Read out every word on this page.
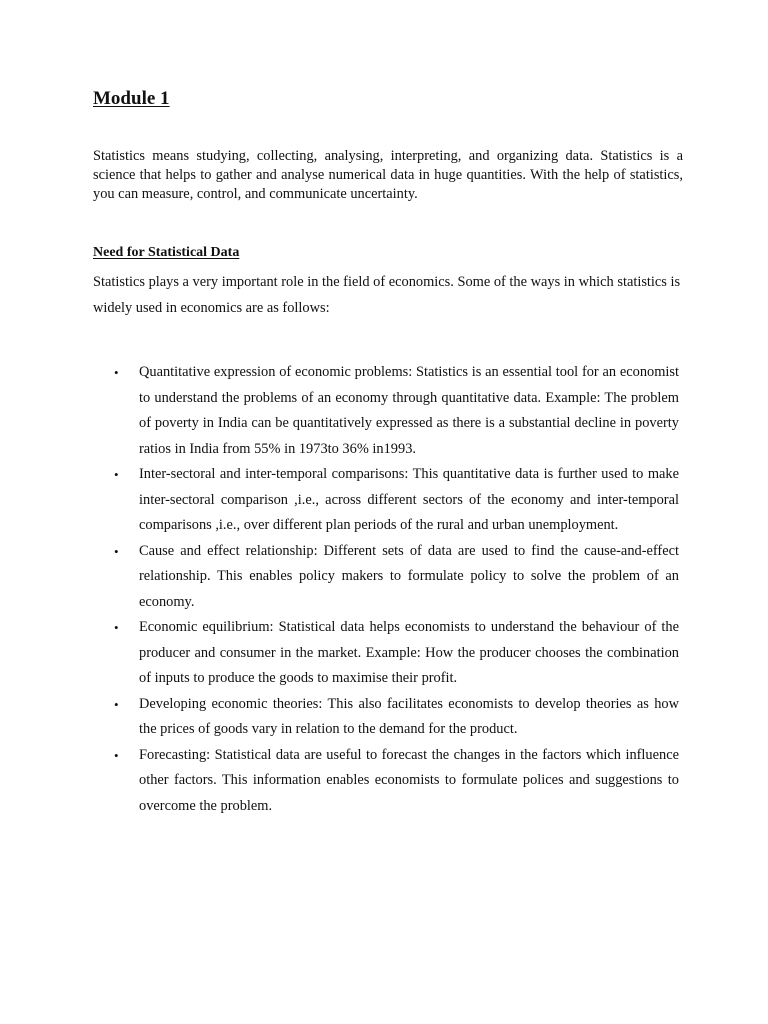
Module 1

Statistics means studying, collecting, analysing, interpreting, and organizing data. Statistics is a science that helps to gather and analyse numerical data in huge quantities. With the help of statistics, you can measure, control, and communicate uncertainty.

Need for Statistical Data

Statistics plays a very important role in the field of economics. Some of the ways in which statistics is widely used in economics are as follows:

• Quantitative expression of economic problems: Statistics is an essential tool for an economist to understand the problems of an economy through quantitative data. Example: The problem of poverty in India can be quantitatively expressed as there is a substantial decline in poverty ratios in India from 55% in 1973to 36% in1993.
• Inter-sectoral and inter-temporal comparisons: This quantitative data is further used to make inter-sectoral comparison ,i.e., across different sectors of the economy and inter-temporal comparisons ,i.e., over different plan periods of the rural and urban unemployment.
• Cause and effect relationship: Different sets of data are used to find the cause-and-effect relationship. This enables policy makers to formulate policy to solve the problem of an economy.
• Economic equilibrium: Statistical data helps economists to understand the behaviour of the producer and consumer in the market. Example: How the producer chooses the combination of inputs to produce the goods to maximise their profit.
• Developing economic theories: This also facilitates economists to develop theories as how the prices of goods vary in relation to the demand for the product.
• Forecasting: Statistical data are useful to forecast the changes in the factors which influence other factors. This information enables economists to formulate polices and suggestions to overcome the problem.
